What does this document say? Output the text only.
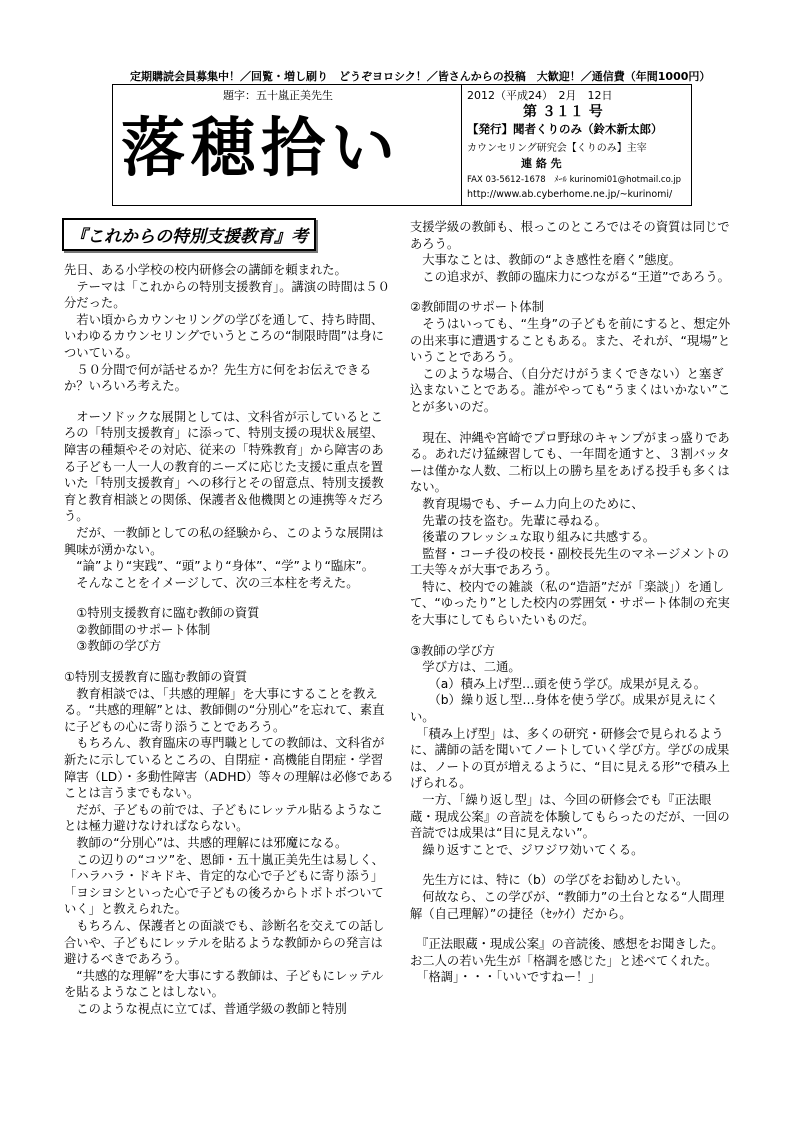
定期購読会員募集中！／回覧・増し刷り　どうぞヨロシク！／皆さんからの投稿　大歓迎！／通信費（年間1000円）
題字：五十嵐正美先生
落穂拾い
2012（平成24）　2月　12日
第 ３１１ 号
【発行】聞者くりのみ（鈴木新太郎）
カウンセリング研究会【くりのみ】主宰
連 絡 先
FAX 03-5612-1678　ﾒｰﾙ kurinomi01@hotmail.co.jp
http://www.ab.cyberhome.ne.jp/~kurinomi/
『これからの特別支援教育』考

先日、ある小学校の校内研修会の講師を頼まれた。

　テーマは「これからの特別支援教育」。講演の時間は５０分だった。

　若い頃からカウンセリングの学びを通して、持ち時間、いわゆるカウンセリングでいうところの“制限時間”は身についている。

　５０分間で何が話せるか？先生方に何をお伝えできるか？いろいろ考えた。

　オーソドックな展開としては、文科省が示しているところの「特別支援教育」に添って、特別支援の現状＆展望、障害の種類やその対応、従来の「特殊教育」から障害のある子ども一人一人の教育的ニーズに応じた支援に重点を置いた「特別支援教育」への移行とその留意点、特別支援教育と教育相談との関係、保護者＆他機関との連携等々だろう。

　だが、一教師としての私の経験から、このような展開は興味が湧かない。

　“論”より“実践”、“頭”より“身体”、“学”より“臨床”。

　そんなことをイメージして、次の三本柱を考えた。

　①特別支援教育に臨む教師の資質

　②教師間のサポート体制

　③教師の学び方

①特別支援教育に臨む教師の資質

　教育相談では、「共感的理解」を大事にすることを教える。“共感的理解”とは、教師側の“分別心”を忘れて、素直に子どもの心に寄り添うことであろう。

　もちろん、教育臨床の専門職としての教師は、文科省が新たに示しているところの、自閉症・高機能自閉症・学習障害（LD）・多動性障害（ADHD）等々の理解は必修であることは言うまでもない。

　だが、子どもの前では、子どもにレッテル貼るようなことは極力避けなければならない。

　教師の“分別心”は、共感的理解には邪魔になる。

　この辺りの“コツ”を、恩師・五十嵐正美先生は易しく、「ハラハラ・ドキドキ、肯定的な心で子どもに寄り添う」「ヨシヨシといった心で子どもの後ろからトボトボついていく」と教えられた。

　もちろん、保護者との面談でも、診断名を交えての話し合いや、子どもにレッテルを貼るような教師からの発言は避けるべきであろう。

　“共感的な理解”を大事にする教師は、子どもにレッテルを貼るようなことはしない。

　このような視点に立てば、普通学級の教師と特別

支援学級の教師も、根っこのところではその資質は同じであろう。

　大事なことは、教師の“よき感性を磨く”態度。

　この追求が、教師の臨床力につながる“王道”であろう。

②教師間のサポート体制

　そうはいっても、“生身”の子どもを前にすると、想定外の出来事に遭遇することもある。また、それが、“現場”ということであろう。

　このような場合、（自分だけがうまくできない）と塞ぎ込まないことである。誰がやっても“うまくはいかない”ことが多いのだ。

　現在、沖縄や宮崎でプロ野球のキャンプがまっ盛りである。あれだけ猛練習しても、一年間を通すと、３割バッターは僅かな人数、二桁以上の勝ち星をあげる投手も多くはない。

　教育現場でも、チーム力向上のために、

　先輩の技を盗む。先輩に尋ねる。

　後輩のフレッシュな取り組みに共感する。

　監督・コーチ役の校長・副校長先生のマネージメントの工夫等々が大事であろう。

　特に、校内での雑談（私の“造語”だが「楽談」）を通して、“ゆったり”とした校内の雰囲気・サポート体制の充実を大事にしてもらいたいものだ。

③教師の学び方

　学び方は、二通。

　　（a）積み上げ型…頭を使う学び。成果が見える。

　　（b）繰り返し型…身体を使う学び。成果が見えにくい。

　「積み上げ型」は、多くの研究・研修会で見られるように、講師の話を聞いてノートしていく学び方。学びの成果は、ノートの頁が増えるように、“目に見える形”で積み上げられる。

　一方、「繰り返し型」は、今回の研修会でも『正法眼蔵・現成公案』の音読を体験してもらったのだが、一回の音読では成果は“目に見えない”。

　繰り返すことで、ジワジワ効いてくる。

　先生方には、特に（b）の学びをお勧めしたい。

　何故なら、この学びが、“教師力”の土台となる“人間理解（自己理解）”の捷径（ｾｯｹｲ）だから。

　『正法眼蔵・現成公案』の音読後、感想をお聞きした。お二人の若い先生が「格調を感じた」と述べてくれた。

　「格調」・・・「いいですねー！」
